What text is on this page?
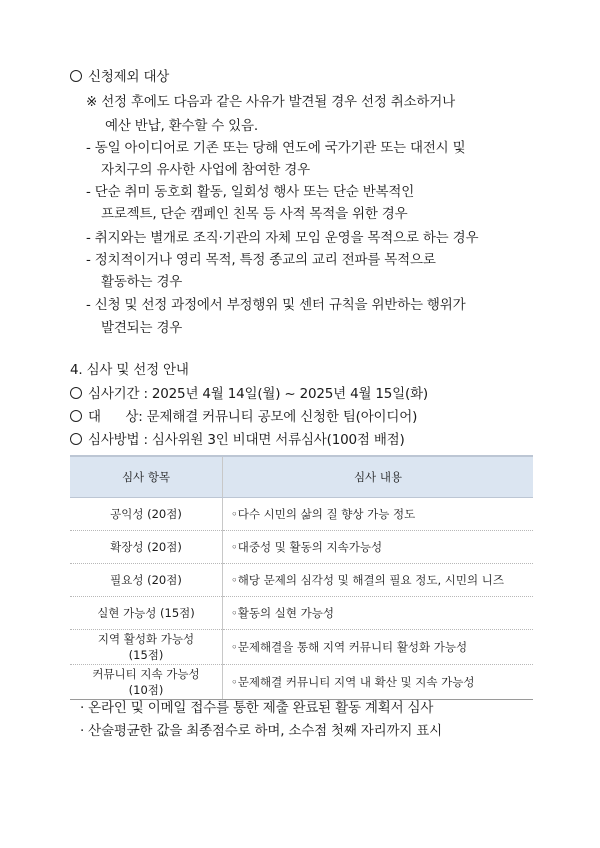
신청제외 대상
※ 선정 후에도 다음과 같은 사유가 발견될 경우 선정 취소하거나
예산 반납, 환수할 수 있음.
- 동일 아이디어로 기존 또는 당해 연도에 국가기관 또는 대전시 및
자치구의 유사한 사업에 참여한 경우
- 단순 취미 동호회 활동, 일회성 행사 또는 단순 반복적인
프로젝트, 단순 캠페인 친목 등 사적 목적을 위한 경우
- 취지와는 별개로 조직·기관의 자체 모임 운영을 목적으로 하는 경우
- 정치적이거나 영리 목적, 특정 종교의 교리 전파를 목적으로
활동하는 경우
- 신청 및 선정 과정에서 부정행위 및 센터 규칙을 위반하는 행위가
발견되는 경우
4. 심사 및 선정 안내
심사기간 : 2025년 4월 14일(월) ~ 2025년 4월 15일(화)
대      상: 문제해결 커뮤니티 공모에 신청한 팀(아이디어)
심사방법 : 심사위원 3인 비대면 서류심사(100점 배점)
심사 항목	심사 내용
공익성 (20점)	◦다수 시민의 삶의 질 향상 가능 정도
확장성 (20점)	◦대중성 및 활동의 지속가능성
필요성 (20점)	◦해당 문제의 심각성 및 해결의 필요 정도, 시민의 니즈
실현 가능성 (15점)	◦활동의 실현 가능성

지역 활성화 가능성
(15점)	◦문제해결을 통해 지역 커뮤니티 활성화 가능성

커뮤니티 지속 가능성
(10점)	◦문제해결 커뮤니티 지역 내 확산 및 지속 가능성
· 온라인 및 이메일 접수를 통한 제출 완료된 활동 계획서 심사
· 산술평균한 값을 최종점수로 하며, 소수점 첫째 자리까지 표시
